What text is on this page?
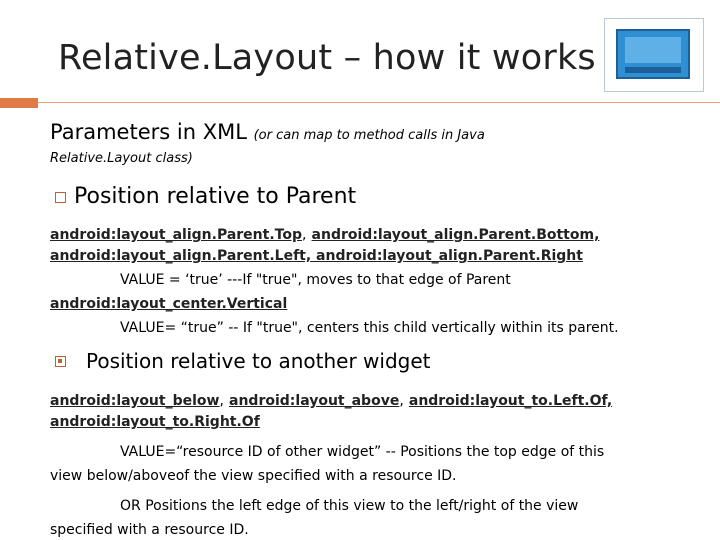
Relative.Layout – how it works
Parameters in XML (or can map to method calls in Java
Relative.Layout class)
Position relative to Parent
android:layout_align.Parent.Top, android:layout_align.Parent.Bottom,
android:layout_align.Parent.Left, android:layout_align.Parent.Right
VALUE = ‘true’ ---If "true", moves to that edge of Parent
android:layout_center.Vertical
VALUE= “true” -- If "true", centers this child vertically within its parent.
Position relative to another widget
android:layout_below, android:layout_above, android:layout_to.Left.Of,
android:layout_to.Right.Of
VALUE=“resource ID of other widget” -- Positions the top edge of this
view below/aboveof the view specified with a resource ID.
OR Positions the left edge of this view to the left/right of the view
specified with a resource ID.
